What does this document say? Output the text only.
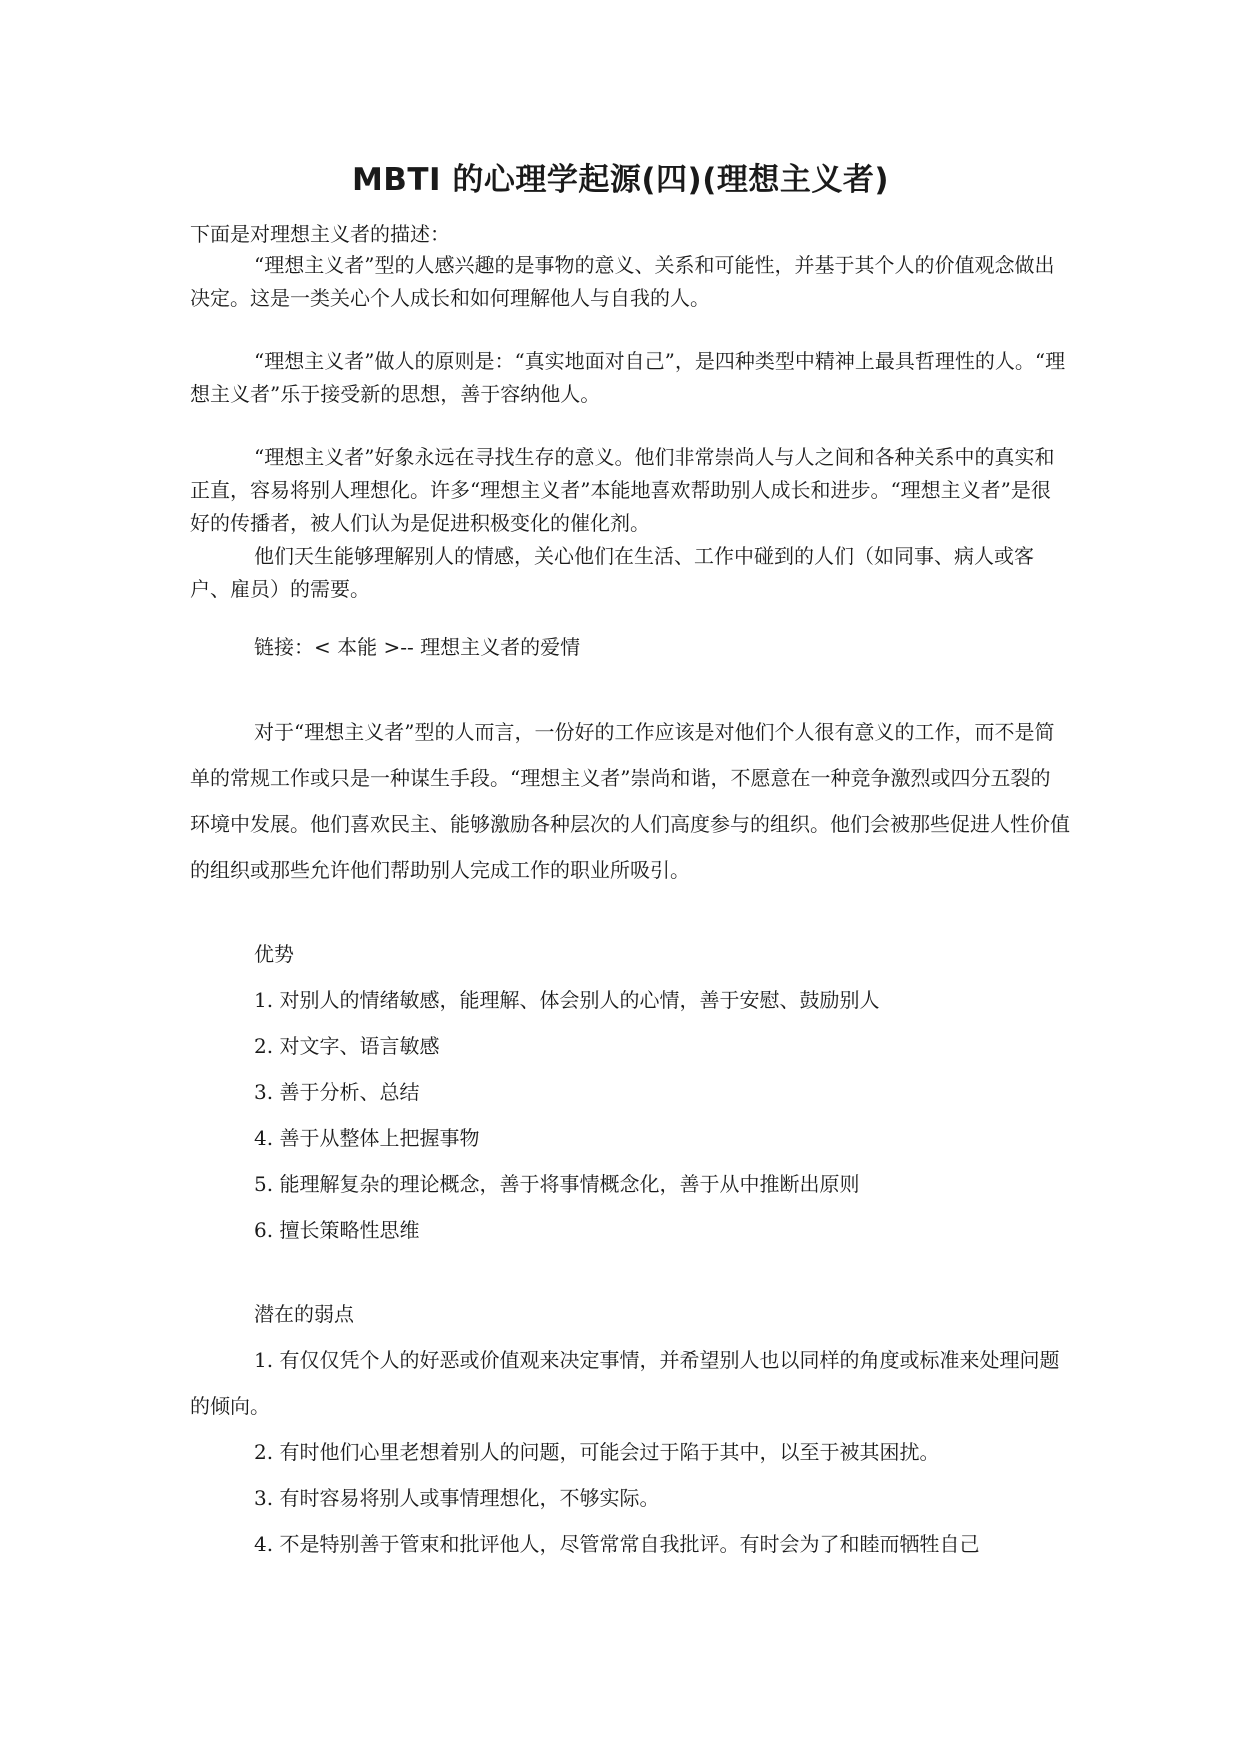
MBTI 的心理学起源(四)(理想主义者)

下面是对理想主义者的描述：

“理想主义者”型的人感兴趣的是事物的意义、关系和可能性，并基于其个人的价值观念做出决定。这是一类关心个人成长和如何理解他人与自我的人。

“理想主义者”做人的原则是：“真实地面对自己”，是四种类型中精神上最具哲理性的人。“理想主义者”乐于接受新的思想，善于容纳他人。

“理想主义者”好象永远在寻找生存的意义。他们非常崇尚人与人之间和各种关系中的真实和正直，容易将别人理想化。许多“理想主义者”本能地喜欢帮助别人成长和进步。“理想主义者”是很好的传播者，被人们认为是促进积极变化的催化剂。

他们天生能够理解别人的情感，关心他们在生活、工作中碰到的人们（如同事、病人或客户、雇员）的需要。

链接：< 本能 >-- 理想主义者的爱情

对于“理想主义者”型的人而言，一份好的工作应该是对他们个人很有意义的工作，而不是简单的常规工作或只是一种谋生手段。“理想主义者”崇尚和谐，不愿意在一种竞争激烈或四分五裂的环境中发展。他们喜欢民主、能够激励各种层次的人们高度参与的组织。他们会被那些促进人性价值的组织或那些允许他们帮助别人完成工作的职业所吸引。

优势

1. 对别人的情绪敏感，能理解、体会别人的心情，善于安慰、鼓励别人

2. 对文字、语言敏感

3. 善于分析、总结

4. 善于从整体上把握事物

5. 能理解复杂的理论概念，善于将事情概念化，善于从中推断出原则

6. 擅长策略性思维

潜在的弱点

1. 有仅仅凭个人的好恶或价值观来决定事情，并希望别人也以同样的角度或标准来处理问题的倾向。

2. 有时他们心里老想着别人的问题，可能会过于陷于其中，以至于被其困扰。

3. 有时容易将别人或事情理想化，不够实际。

4. 不是特别善于管束和批评他人，尽管常常自我批评。有时会为了和睦而牺牲自己
